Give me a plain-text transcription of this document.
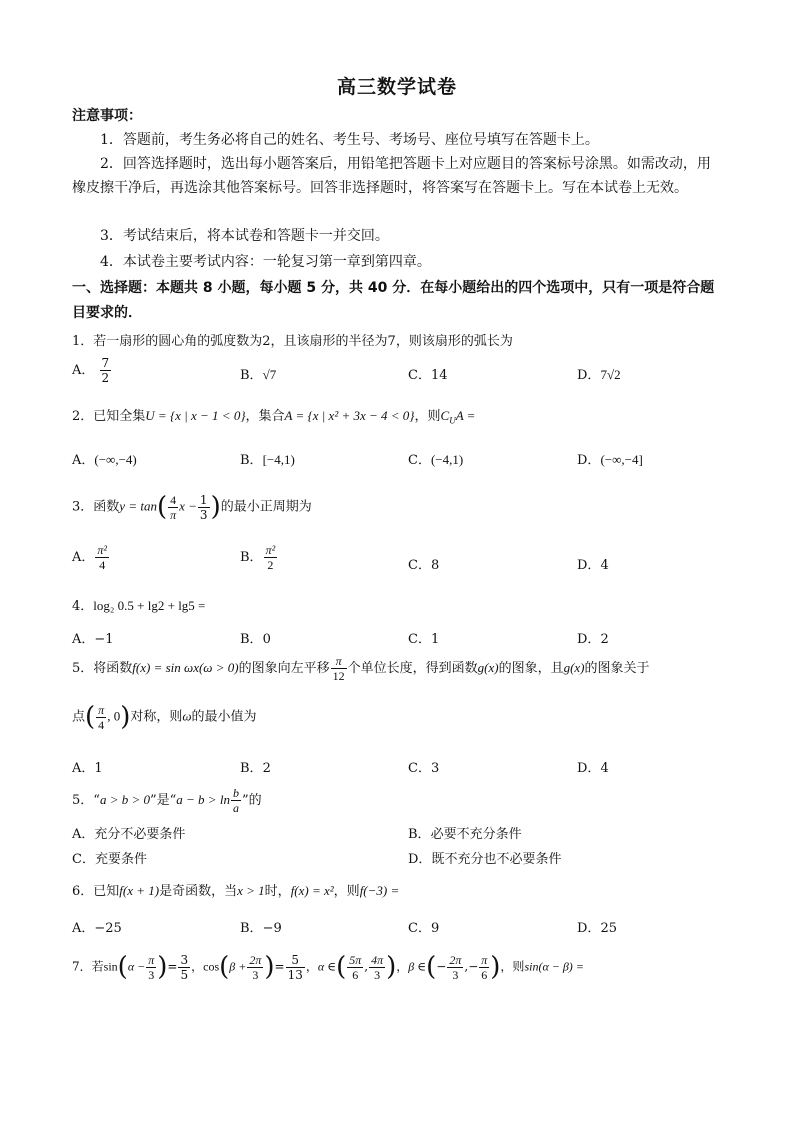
高三数学试卷
注意事项：
1．答题前，考生务必将自己的姓名、考生号、考场号、座位号填写在答题卡上。
2．回答选择题时，选出每小题答案后，用铅笔把答题卡上对应题目的答案标号涂黑。如需改动，用橡皮擦干净后，再选涂其他答案标号。回答非选择题时，将答案写在答题卡上。写在本试卷上无效。
3．考试结束后，将本试卷和答题卡一并交回。
4．本试卷主要考试内容：一轮复习第一章到第四章。
一、选择题：本题共 8 小题，每小题 5 分，共 40 分．在每小题给出的四个选项中，只有一项是符合题目要求的．
1．若一扇形的圆心角的弧度数为2，且该扇形的半径为7，则该扇形的弧长为
A． $\frac{7}{2}$	B．√7	C．14	D．7√2
2．已知全集U = {x | x − 1 < 0}，集合A = {x | x² + 3x − 4 < 0}，则$C_UA$ =
A．(−∞,−4)	B．[−4,1)	C．(−4,1)	D．(−∞,−4]
3．函数$y = \tan( \frac{4}{\pi}$ $x - \frac{1}{3}$ )的最小正周期为
A． $\frac{\text{π²}}{4}$	B． $\frac{\text{π²}}{2}$	C．8	D．4
4．log₂ 0.5 + lg2 + lg5 =
A．−1	B．0	C．1	D．2
5．将函数f(x) = sin ωx(ω > 0)的图象向左平移 $\frac{\pi}{12}$ 个单位长度，得到函数g(x)的图象，且g(x)的图象关于
点( $\frac{\pi}{4}$ , 0)对称，则ω的最小值为
A．1	B．2	C．3	D．4
5．“a > b > 0”是“$a - b > \ln \frac{b}{a}$ ”的
A．充分不必要条件	B．必要不充分条件
C．充要条件	D．既不充分也不必要条件
6．已知f(x + 1)是奇函数，当x > 1时，f(x) = x²，则f(−3) =
A．−25	B．−9	C．9	D．25
7．若$\sin(\alpha - \frac{\pi}{3}$ )= $\frac{3}{5}$ ，$\cos(\beta + \frac{2\pi}{3}$ )= $\frac{5}{13}$ ，α ∈( $\frac{5\pi}{6}$ , $\frac{4\pi}{3}$ )，β ∈(− $\frac{2\pi}{3}$ ,− $\frac{\pi}{6}$ )，则sin(α − β) =
